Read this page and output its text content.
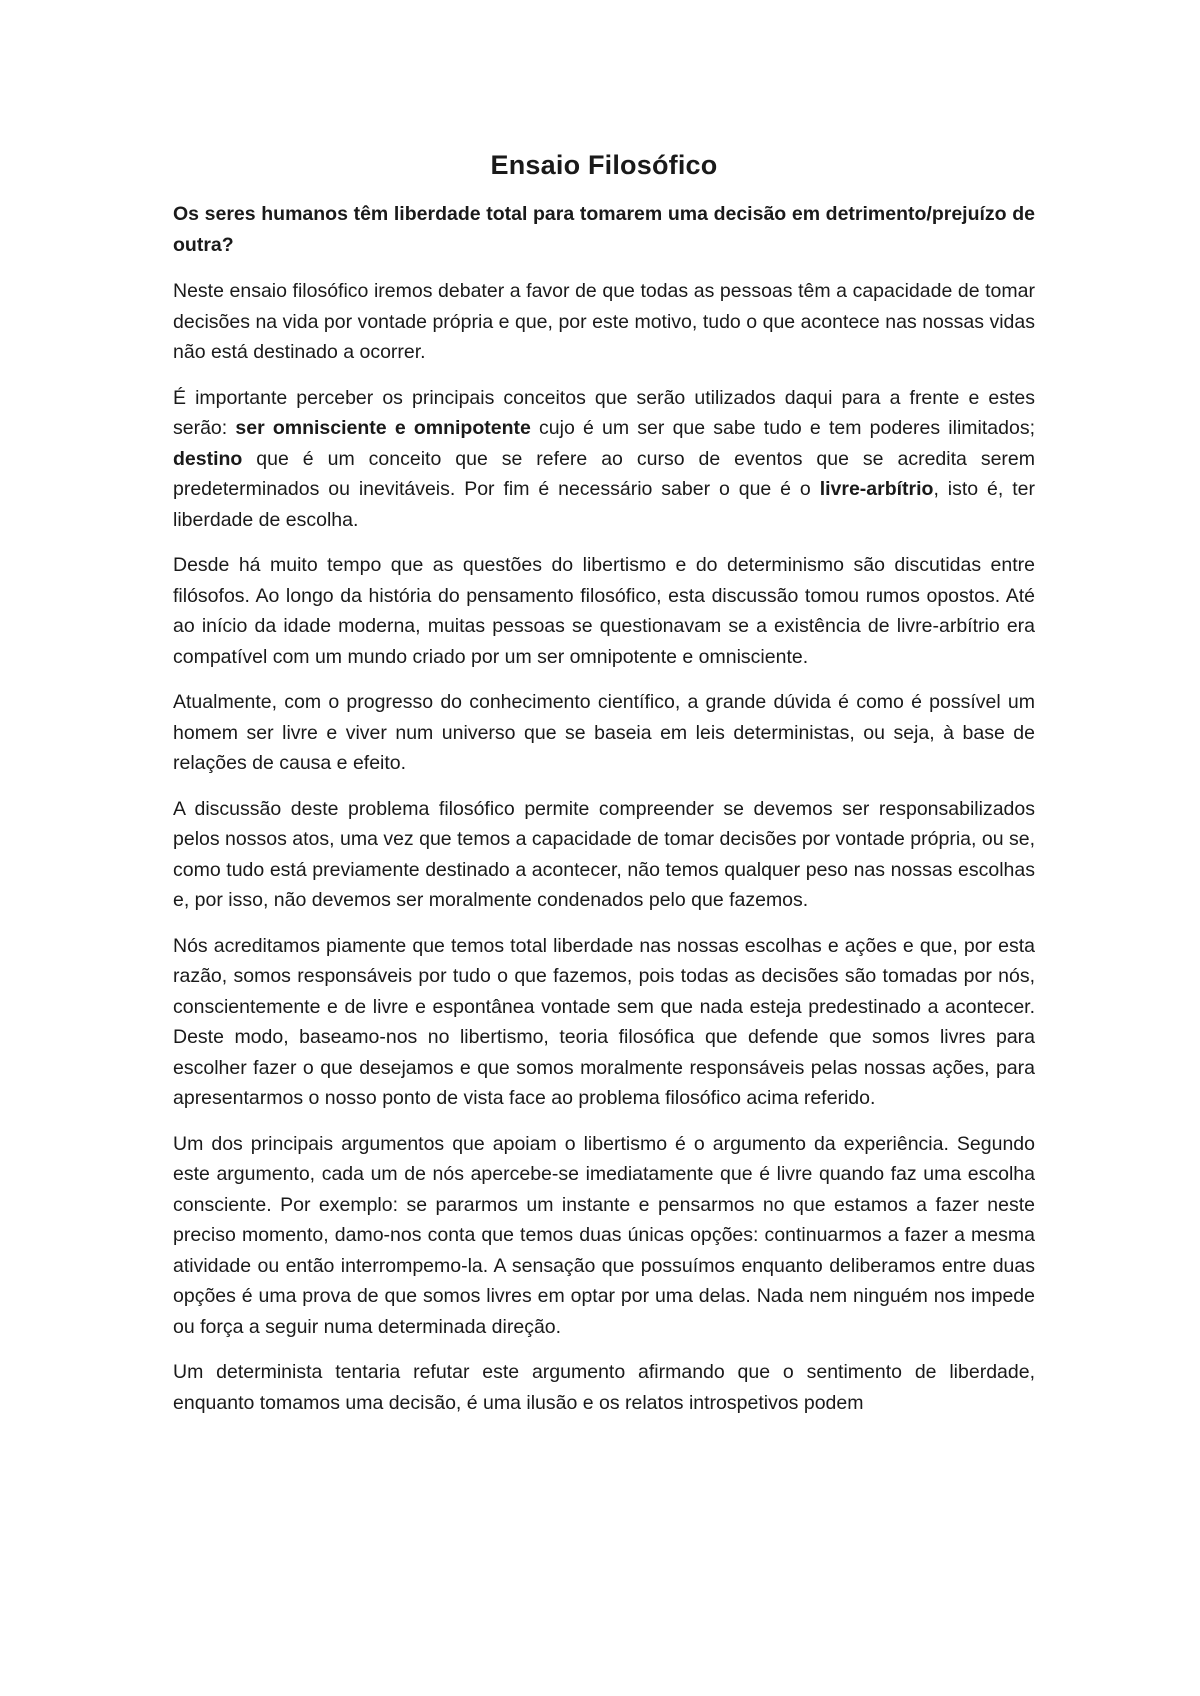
Ensaio Filosófico

Os seres humanos têm liberdade total para tomarem uma decisão em detrimento/prejuízo de outra?

Neste ensaio filosófico iremos debater a favor de que todas as pessoas têm a capacidade de tomar decisões na vida por vontade própria e que, por este motivo, tudo o que acontece nas nossas vidas não está destinado a ocorrer.

É importante perceber os principais conceitos que serão utilizados daqui para a frente e estes serão: ser omnisciente e omnipotente cujo é um ser que sabe tudo e tem poderes ilimitados; destino que é um conceito que se refere ao curso de eventos que se acredita serem predeterminados ou inevitáveis. Por fim é necessário saber o que é o livre-arbítrio, isto é, ter liberdade de escolha.

Desde há muito tempo que as questões do libertismo e do determinismo são discutidas entre filósofos. Ao longo da história do pensamento filosófico, esta discussão tomou rumos opostos. Até ao início da idade moderna, muitas pessoas se questionavam se a existência de livre-arbítrio era compatível com um mundo criado por um ser omnipotente e omnisciente.

Atualmente, com o progresso do conhecimento científico, a grande dúvida é como é possível um homem ser livre e viver num universo que se baseia em leis deterministas, ou seja, à base de relações de causa e efeito.

A discussão deste problema filosófico permite compreender se devemos ser responsabilizados pelos nossos atos, uma vez que temos a capacidade de tomar decisões por vontade própria, ou se, como tudo está previamente destinado a acontecer, não temos qualquer peso nas nossas escolhas e, por isso, não devemos ser moralmente condenados pelo que fazemos.

Nós acreditamos piamente que temos total liberdade nas nossas escolhas e ações e que, por esta razão, somos responsáveis por tudo o que fazemos, pois todas as decisões são tomadas por nós, conscientemente e de livre e espontânea vontade sem que nada esteja predestinado a acontecer. Deste modo, baseamo-nos no libertismo, teoria filosófica que defende que somos livres para escolher fazer o que desejamos e que somos moralmente responsáveis pelas nossas ações, para apresentarmos o nosso ponto de vista face ao problema filosófico acima referido.

Um dos principais argumentos que apoiam o libertismo é o argumento da experiência. Segundo este argumento, cada um de nós apercebe-se imediatamente que é livre quando faz uma escolha consciente. Por exemplo: se pararmos um instante e pensarmos no que estamos a fazer neste preciso momento, damo-nos conta que temos duas únicas opções: continuarmos a fazer a mesma atividade ou então interrompemo-la. A sensação que possuímos enquanto deliberamos entre duas opções é uma prova de que somos livres em optar por uma delas. Nada nem ninguém nos impede ou força a seguir numa determinada direção.

Um determinista tentaria refutar este argumento afirmando que o sentimento de liberdade, enquanto tomamos uma decisão, é uma ilusão e os relatos introspetivos podem
